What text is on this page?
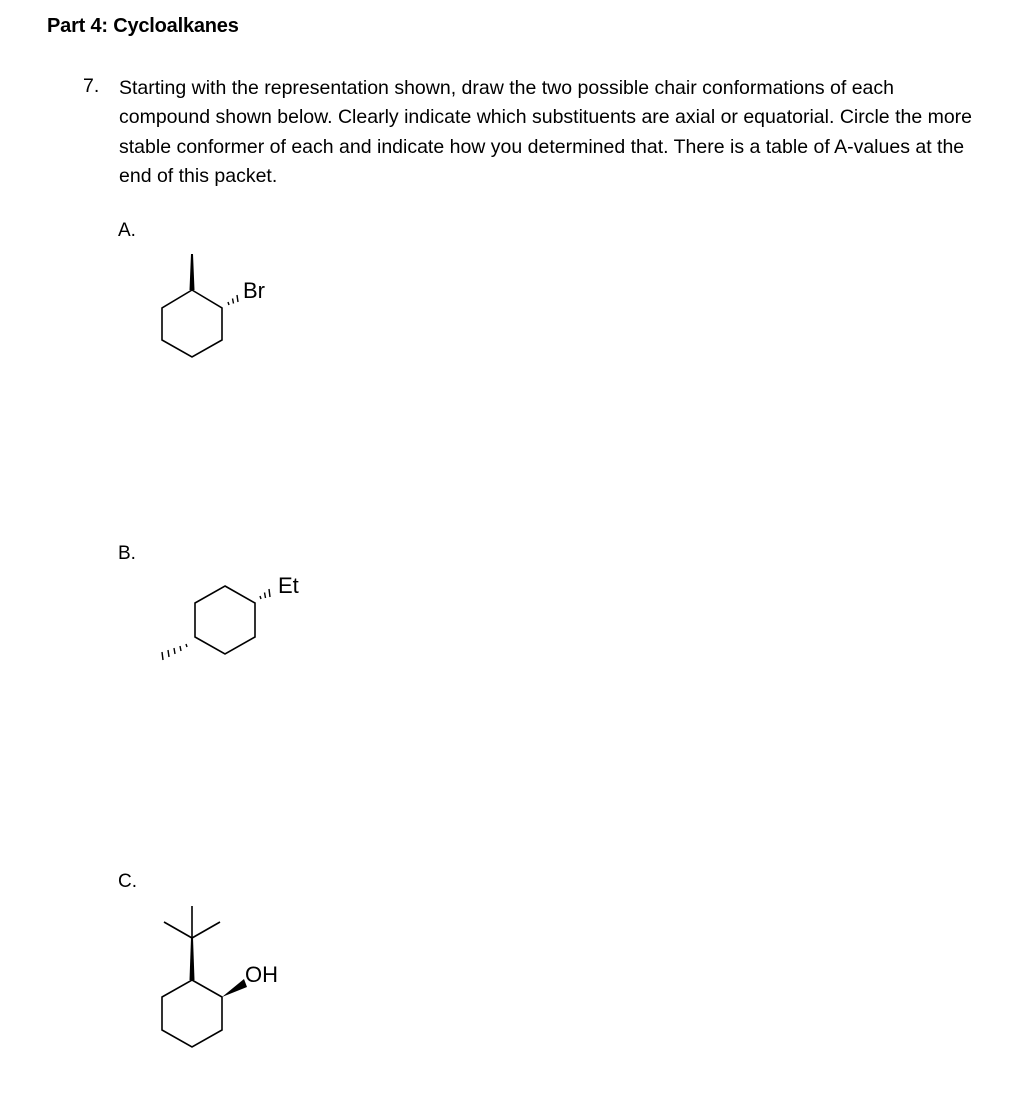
Part 4: Cycloalkanes
7. Starting with the representation shown, draw the two possible chair conformations of each compound shown below. Clearly indicate which substituents are axial or equatorial. Circle the more stable conformer of each and indicate how you determined that. There is a table of A-values at the end of this packet.
A.
B.
C.
Br
Et
OH
